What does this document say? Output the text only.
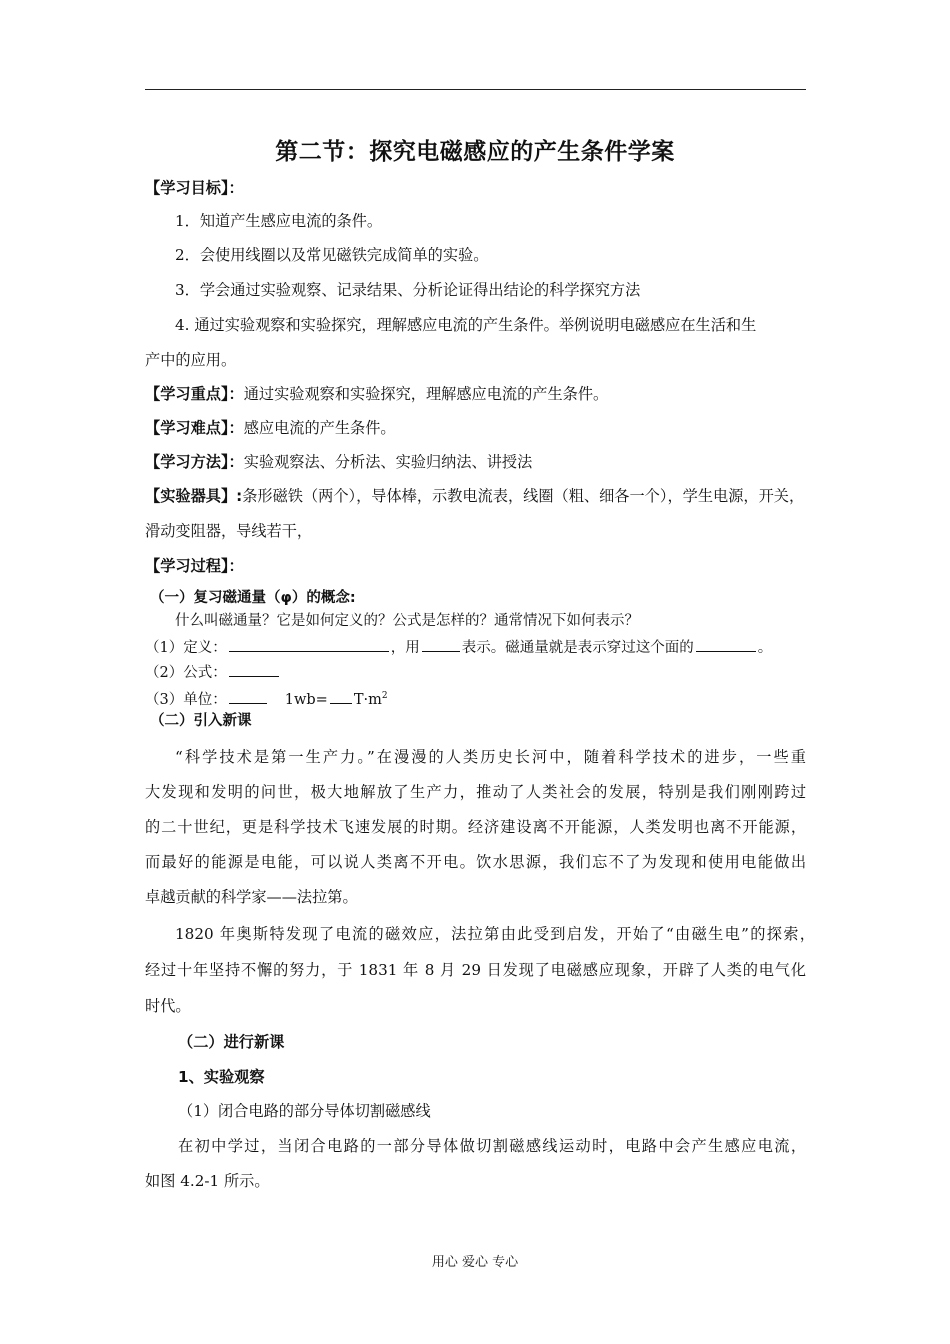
第二节：探究电磁感应的产生条件学案
【学习目标】：
1．知道产生感应电流的条件。
2．会使用线圈以及常见磁铁完成简单的实验。
3．学会通过实验观察、记录结果、分析论证得出结论的科学探究方法
4. 通过实验观察和实验探究，理解感应电流的产生条件。举例说明电磁感应在生活和生
产中的应用。
【学习重点】：通过实验观察和实验探究，理解感应电流的产生条件。
【学习难点】：感应电流的产生条件。
【学习方法】：实验观察法、分析法、实验归纳法、讲授法
【实验器具】:条形磁铁（两个），导体棒，示教电流表，线圈（粗、细各一个），学生电源，开关，
滑动变阻器，导线若干，
【学习过程】：
（一）复习磁通量（φ）的概念:
什么叫磁通量？它是如何定义的？公式是怎样的？通常情况下如何表示？
（1）定义：	，用	表示。磁通量就是表示穿过这个面的	。
（2）公式：
（3）单位：	$1wb= T\cdot m^2$
（二）引入新课
“科学技术是第一生产力。”在漫漫的人类历史长河中，随着科学技术的进步，一些重
大发现和发明的问世，极大地解放了生产力，推动了人类社会的发展，特别是我们刚刚跨过
的二十世纪，更是科学技术飞速发展的时期。经济建设离不开能源，人类发明也离不开能源，
而最好的能源是电能，可以说人类离不开电。饮水思源，我们忘不了为发现和使用电能做出
卓越贡献的科学家——法拉第。
1820 年奥斯特发现了电流的磁效应，法拉第由此受到启发，开始了“由磁生电”的探索，
经过十年坚持不懈的努力，于 1831 年 8 月 29 日发现了电磁感应现象，开辟了人类的电气化
时代。
（二）进行新课
1、实验观察
（1）闭合电路的部分导体切割磁感线
在初中学过，当闭合电路的一部分导体做切割磁感线运动时，电路中会产生感应电流，
如图 4.2-1 所示。
用心 爱心 专心
